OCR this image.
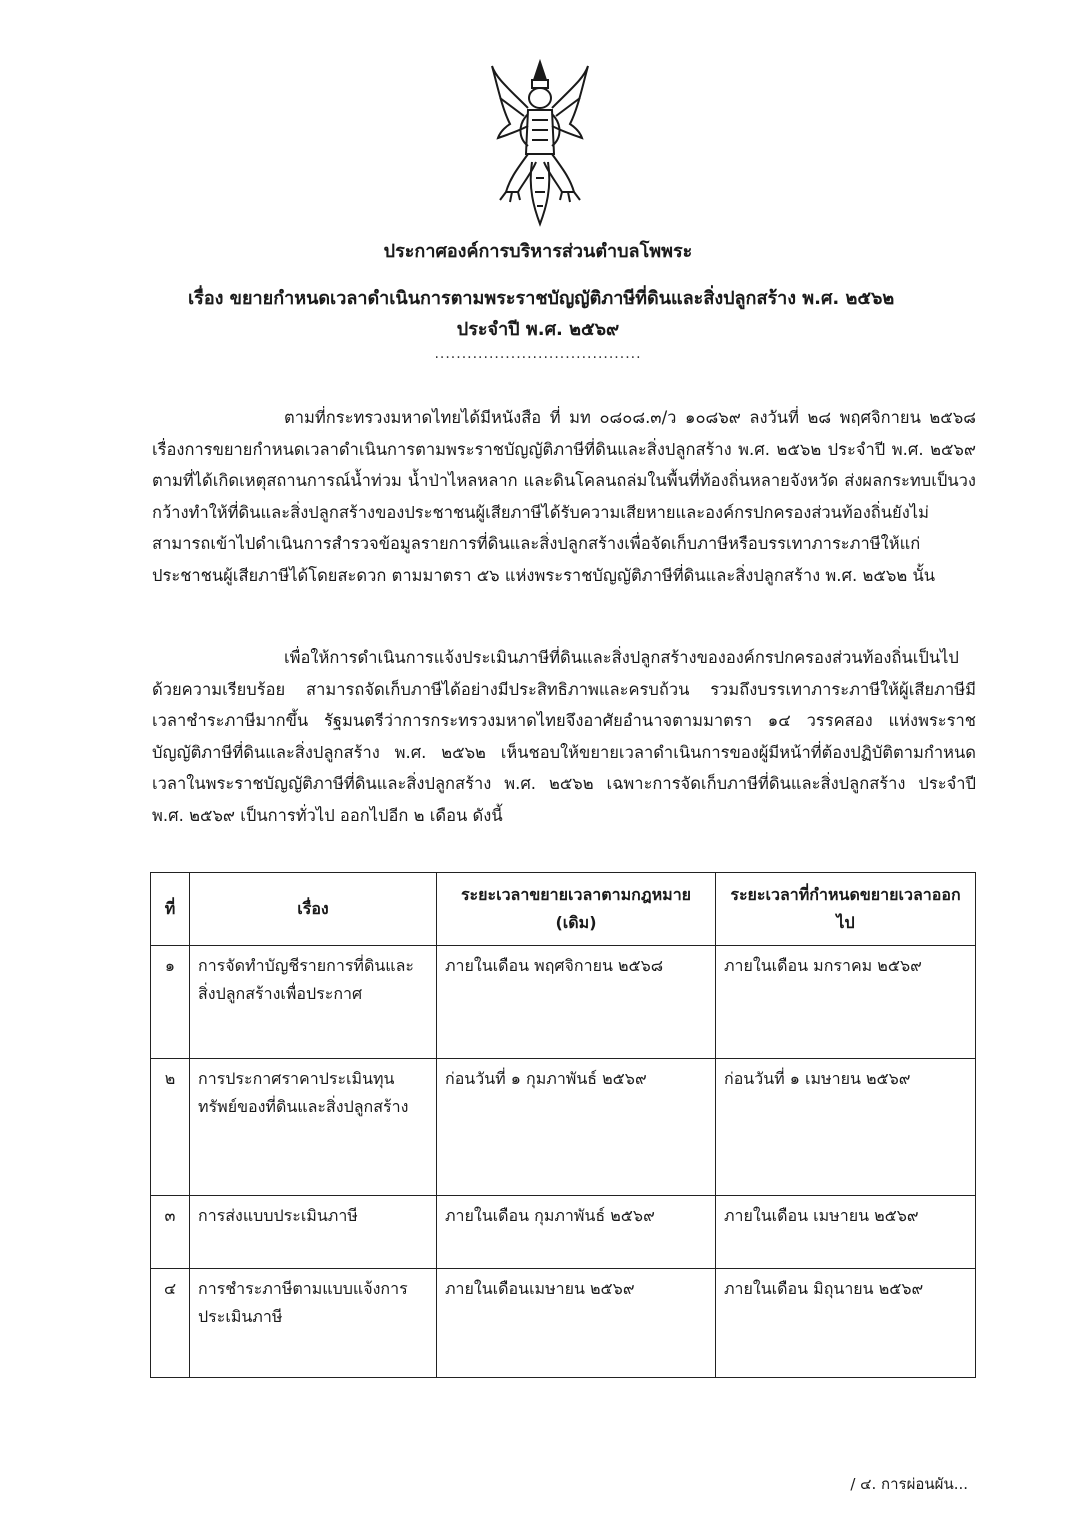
ประกาศองค์การบริหารส่วนตำบลโพพระ
เรื่อง ขยายกำหนดเวลาดำเนินการตามพระราชบัญญัติภาษีที่ดินและสิ่งปลูกสร้าง พ.ศ. ๒๕๖๒
ประจำปี พ.ศ. ๒๕๖๙
......................................

ตามที่กระทรวงมหาดไทยได้มีหนังสือ ที่ มท ๐๘๐๘.๓/ว ๑๐๘๖๙ ลงวันที่ ๒๘ พฤศจิกายน ๒๕๖๘ เรื่องการขยายกำหนดเวลาดำเนินการตามพระราชบัญญัติภาษีที่ดินและสิ่งปลูกสร้าง พ.ศ. ๒๕๖๒ ประจำปี พ.ศ. ๒๕๖๙ ตามที่ได้เกิดเหตุสถานการณ์น้ำท่วม น้ำป่าไหลหลาก และดินโคลนถล่มในพื้นที่ท้องถิ่นหลายจังหวัด ส่งผลกระทบเป็นวงกว้างทำให้ที่ดินและสิ่งปลูกสร้างของประชาชนผู้เสียภาษีได้รับความเสียหายและองค์กรปกครองส่วนท้องถิ่นยังไม่สามารถเข้าไปดำเนินการสำรวจข้อมูลรายการที่ดินและสิ่งปลูกสร้างเพื่อจัดเก็บภาษีหรือบรรเทาภาระภาษีให้แก่ประชาชนผู้เสียภาษีได้โดยสะดวก ตามมาตรา ๕๖ แห่งพระราชบัญญัติภาษีที่ดินและสิ่งปลูกสร้าง พ.ศ. ๒๕๖๒ นั้น

เพื่อให้การดำเนินการแจ้งประเมินภาษีที่ดินและสิ่งปลูกสร้างขององค์กรปกครองส่วนท้องถิ่นเป็นไปด้วยความเรียบร้อย สามารถจัดเก็บภาษีได้อย่างมีประสิทธิภาพและครบถ้วน รวมถึงบรรเทาภาระภาษีให้ผู้เสียภาษีมีเวลาชำระภาษีมากขึ้น รัฐมนตรีว่าการกระทรวงมหาดไทยจึงอาศัยอำนาจตามมาตรา ๑๔ วรรคสอง แห่งพระราชบัญญัติภาษีที่ดินและสิ่งปลูกสร้าง พ.ศ. ๒๕๖๒ เห็นชอบให้ขยายเวลาดำเนินการของผู้มีหน้าที่ต้องปฏิบัติตามกำหนดเวลาในพระราชบัญญัติภาษีที่ดินและสิ่งปลูกสร้าง พ.ศ. ๒๕๖๒ เฉพาะการจัดเก็บภาษีที่ดินและสิ่งปลูกสร้าง ประจำปี พ.ศ. ๒๕๖๙ เป็นการทั่วไป ออกไปอีก ๒ เดือน ดังนี้

ที่	เรื่อง	ระยะเวลาขยายเวลาตามกฎหมาย (เดิม)	ระยะเวลาที่กำหนดขยายเวลาออกไป
๑	การจัดทำบัญชีรายการที่ดินและสิ่งปลูกสร้างเพื่อประกาศ	ภายในเดือน พฤศจิกายน ๒๕๖๘	ภายในเดือน มกราคม ๒๕๖๙
๒	การประกาศราคาประเมินทุนทรัพย์ของที่ดินและสิ่งปลูกสร้าง	ก่อนวันที่ ๑ กุมภาพันธ์ ๒๕๖๙	ก่อนวันที่ ๑ เมษายน ๒๕๖๙
๓	การส่งแบบประเมินภาษี	ภายในเดือน กุมภาพันธ์ ๒๕๖๙	ภายในเดือน เมษายน ๒๕๖๙
๔	การชำระภาษีตามแบบแจ้งการประเมินภาษี	ภายในเดือนเมษายน ๒๕๖๙	ภายในเดือน มิถุนายน ๒๕๖๙
/ ๔. การผ่อนผัน...
